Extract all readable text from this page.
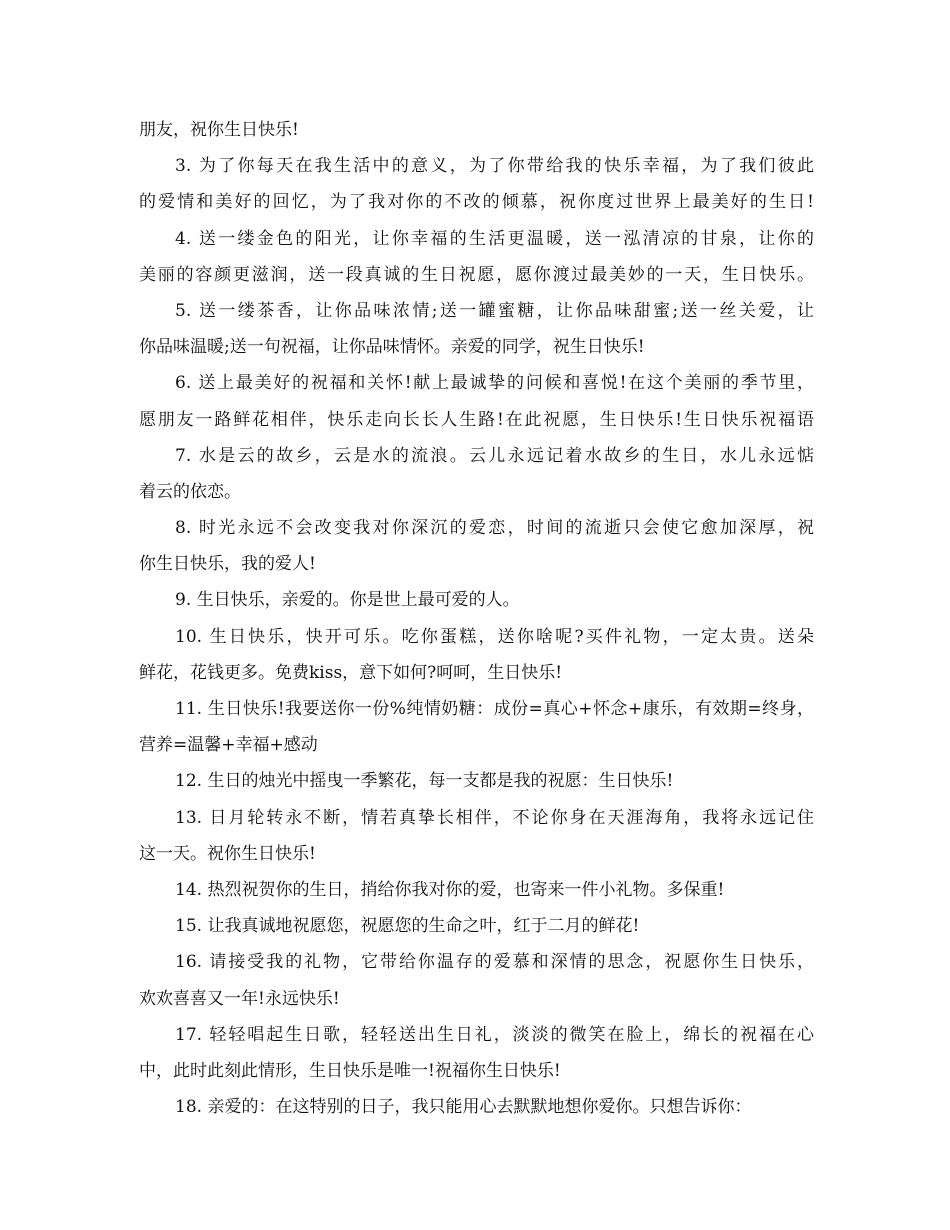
朋友，祝你生日快乐!
3. 为了你每天在我生活中的意义，为了你带给我的快乐幸福，为了我们彼此
的爱情和美好的回忆，为了我对你的不改的倾慕，祝你度过世界上最美好的生日!
4. 送一缕金色的阳光，让你幸福的生活更温暖，送一泓清凉的甘泉，让你的
美丽的容颜更滋润，送一段真诚的生日祝愿，愿你渡过最美妙的一天，生日快乐。
5. 送一缕茶香，让你品味浓情;送一罐蜜糖，让你品味甜蜜;送一丝关爱，让
你品味温暖;送一句祝福，让你品味情怀。亲爱的同学，祝生日快乐!
6. 送上最美好的祝福和关怀!献上最诚挚的问候和喜悦!在这个美丽的季节里，
愿朋友一路鲜花相伴，快乐走向长长人生路!在此祝愿，生日快乐!生日快乐祝福语
7. 水是云的故乡，云是水的流浪。云儿永远记着水故乡的生日，水儿永远惦
着云的依恋。
8. 时光永远不会改变我对你深沉的爱恋，时间的流逝只会使它愈加深厚，祝
你生日快乐，我的爱人!
9. 生日快乐，亲爱的。你是世上最可爱的人。
10. 生日快乐，快开可乐。吃你蛋糕，送你啥呢?买件礼物，一定太贵。送朵
鲜花，花钱更多。免费kiss，意下如何?呵呵，生日快乐!
11. 生日快乐!我要送你一份%纯情奶糖：成份=真心+怀念+康乐，有效期=终身，
营养=温馨+幸福+感动
12. 生日的烛光中摇曳一季繁花，每一支都是我的祝愿：生日快乐!
13. 日月轮转永不断，情若真挚长相伴，不论你身在天涯海角，我将永远记住
这一天。祝你生日快乐!
14. 热烈祝贺你的生日，捎给你我对你的爱，也寄来一件小礼物。多保重!
15. 让我真诚地祝愿您，祝愿您的生命之叶，红于二月的鲜花!
16. 请接受我的礼物，它带给你温存的爱慕和深情的思念，祝愿你生日快乐，
欢欢喜喜又一年!永远快乐!
17. 轻轻唱起生日歌，轻轻送出生日礼，淡淡的微笑在脸上，绵长的祝福在心
中，此时此刻此情形，生日快乐是唯一!祝福你生日快乐!
18. 亲爱的：在这特别的日子，我只能用心去默默地想你爱你。只想告诉你：
